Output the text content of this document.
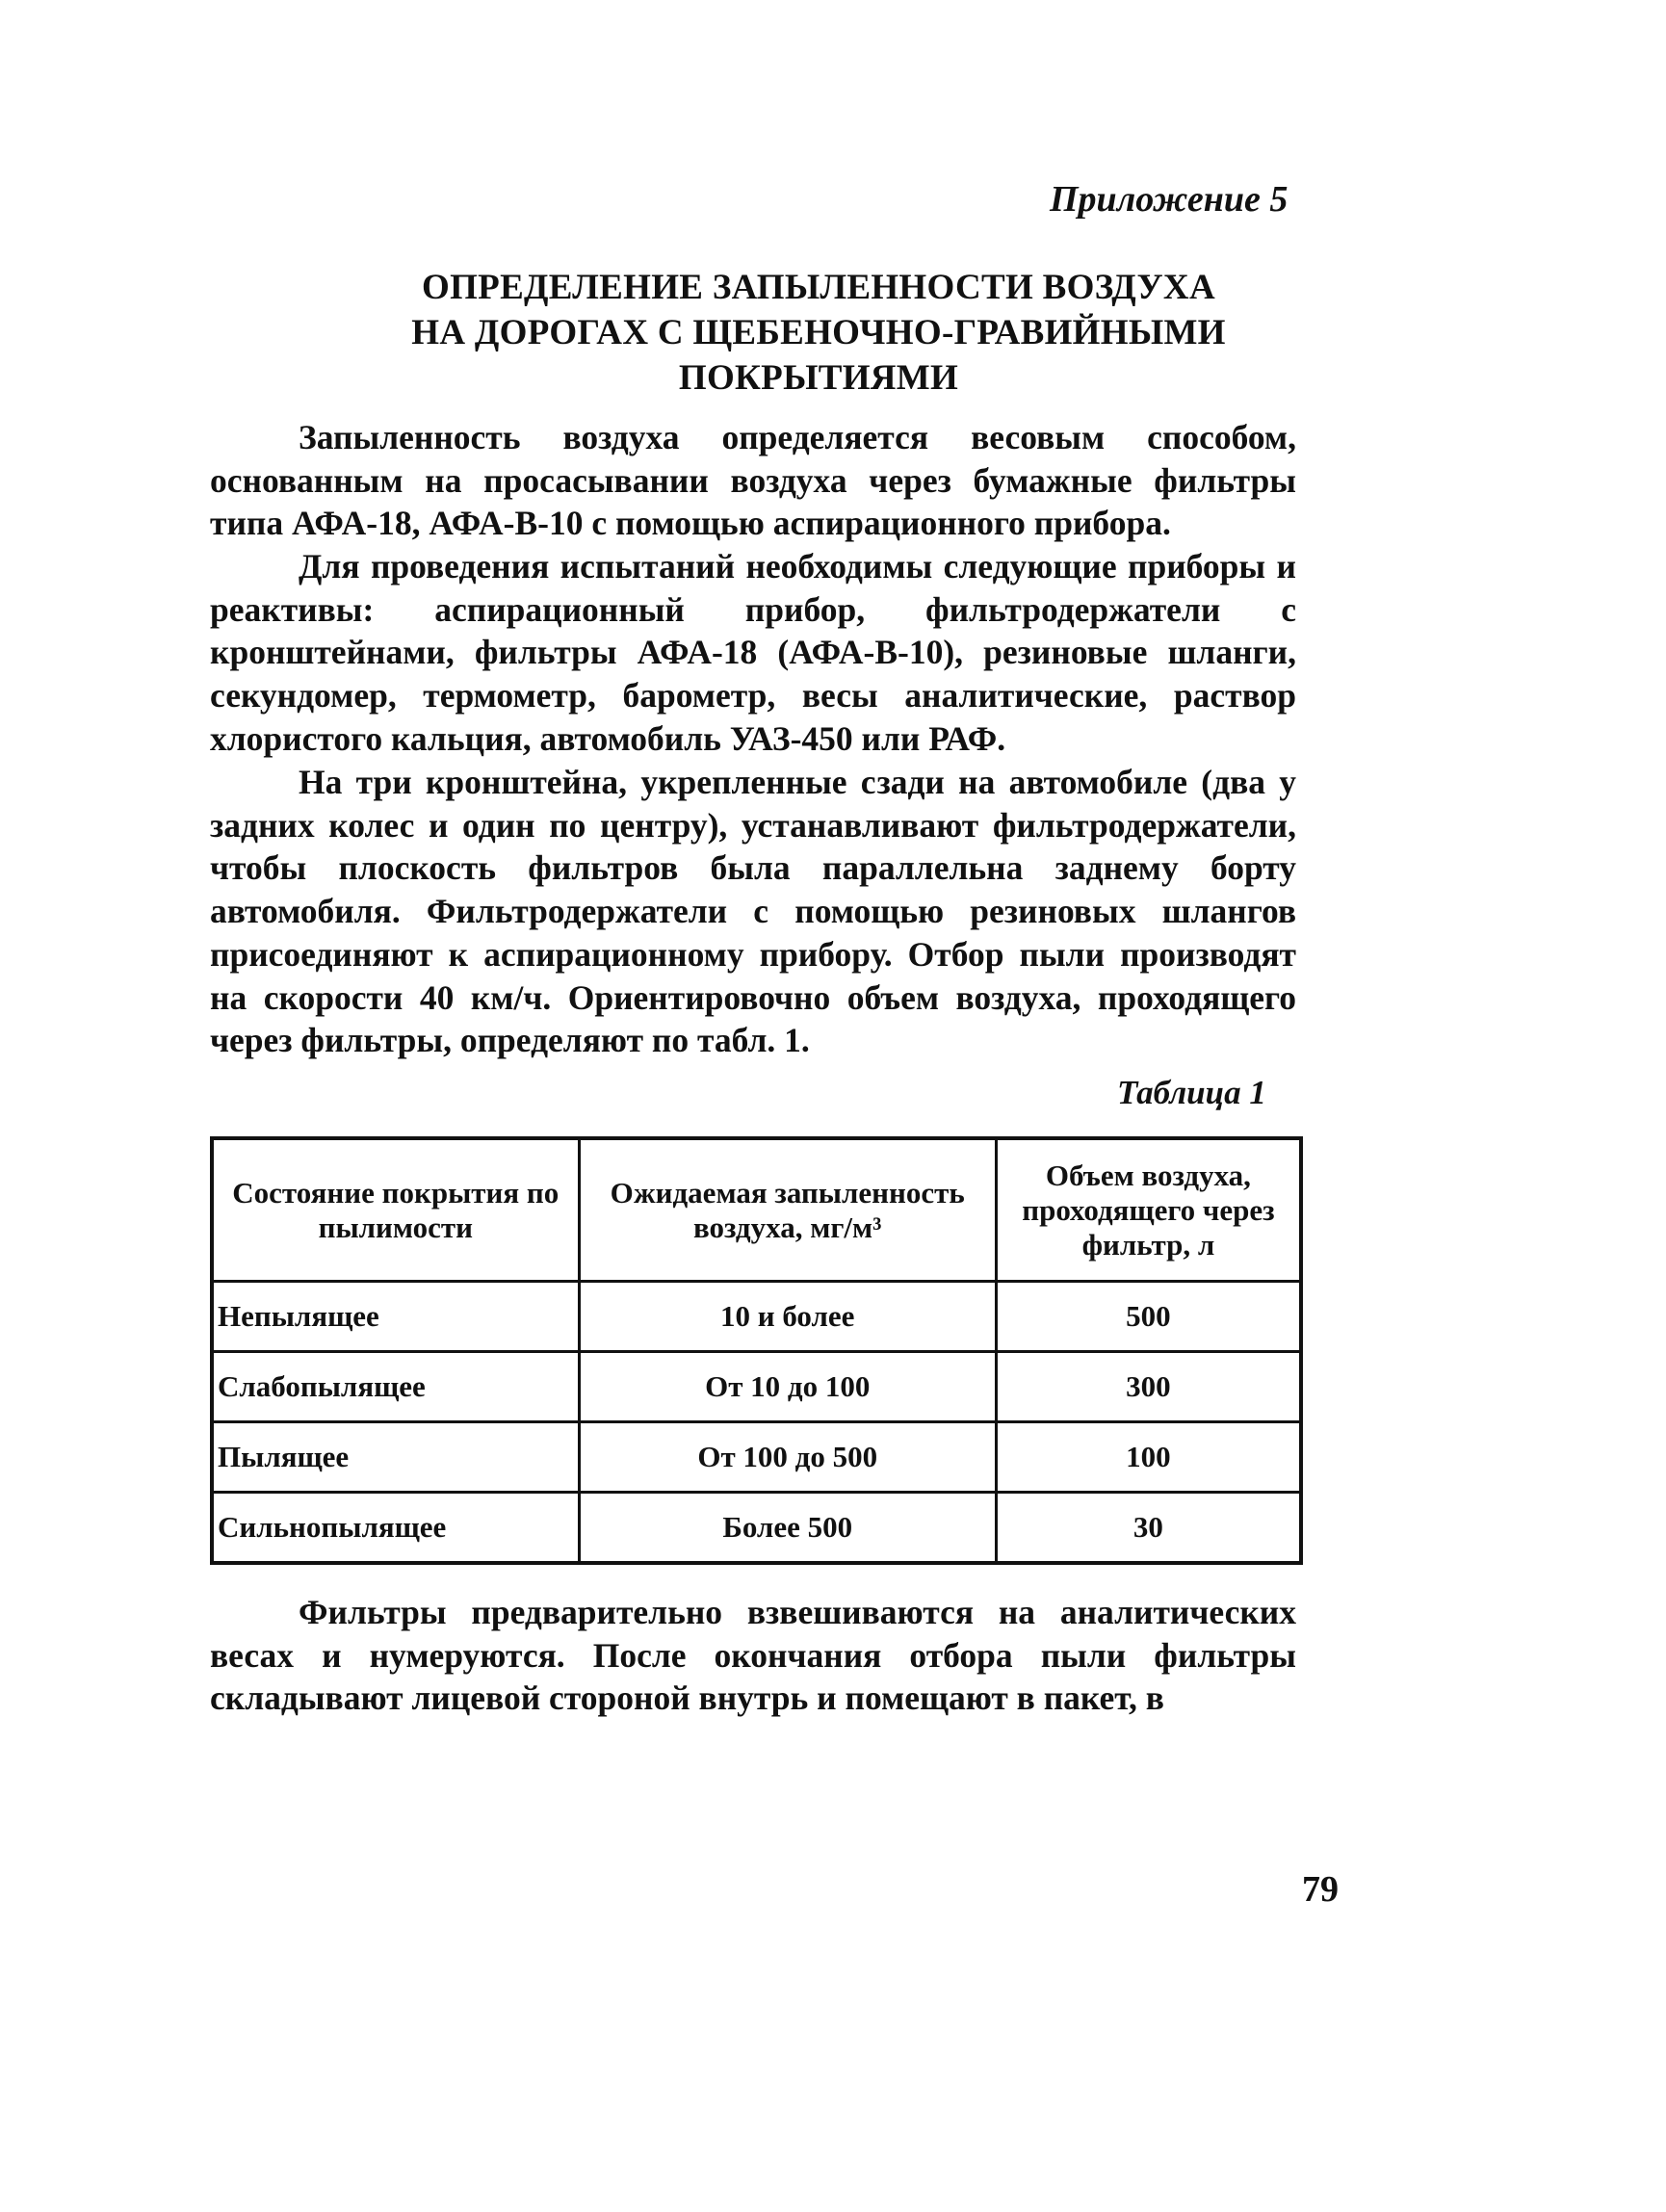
Приложение 5
ОПРЕДЕЛЕНИЕ ЗАПЫЛЕННОСТИ ВОЗДУХА
НА ДОРОГАХ С ЩЕБЕНОЧНО-ГРАВИЙНЫМИ
ПОКРЫТИЯМИ

Запыленность воздуха определяется весовым способом, основанным на просасывании воздуха через бумажные фильтры типа АФА-18, АФА-В-10 с помощью аспирационного прибора.

Для проведения испытаний необходимы следующие приборы и реактивы: аспирационный прибор, фильтродержатели с кронштейнами, фильтры АФА-18 (АФА-В-10), резиновые шланги, секундомер, термометр, барометр, весы аналитические, раствор хлористого кальция, автомобиль УАЗ-450 или РАФ.

На три кронштейна, укрепленные сзади на автомобиле (два у задних колес и один по центру), устанавливают фильтродержатели, чтобы плоскость фильтров была параллельна заднему борту автомобиля. Фильтродержатели с помощью резиновых шлангов присоединяют к аспирационному прибору. Отбор пыли производят на скорости 40 км/ч. Ориентировочно объем воздуха, проходящего через фильтры, определяют по табл. 1.

Таблица 1
Состояние покрытия по пылимости	Ожидаемая запыленность воздуха, мг/м³	Объем воздуха, проходящего через фильтр, л
Непылящее	10 и более	500
Слабопылящее	От 10 до 100	300
Пылящее	От 100 до 500	100
Сильнопылящее	Более 500	30

Фильтры предварительно взвешиваются на аналитических весах и нумеруются. После окончания отбора пыли фильтры складывают лицевой стороной внутрь и помещают в пакет, в

79
